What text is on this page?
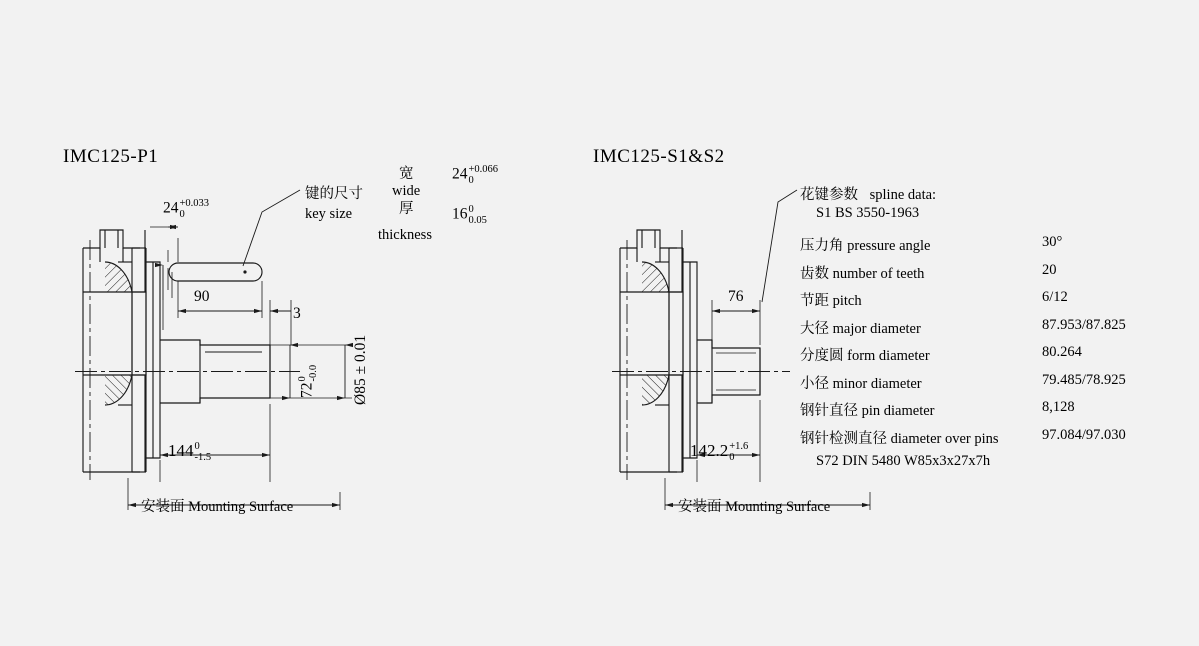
IMC125-P1
键的尺寸
key size
宽
wide
24 +0.066
0
厚
thickness
16 0
0.05
24 +0.033
0
90
3
Ø85 ± 0.01
72
0 -0.0
144 0
-1.5
安装面 Mounting Surface
IMC125-S1&S2
花键参数 spline data:
S1 BS 3550-1963
压力角 pressure angle	30°
齿数 number of teeth	20
节距 pitch	6/12
大径 major diameter	87.953/87.825
分度圆 form diameter	80.264
小径 minor diameter	79.485/78.925
钢针直径 pin diameter	8,128
钢针检测直径 diameter over pins	97.084/97.030
S72 DIN 5480 W85x3x27x7h
76
142.2 +1.6
0
安装面 Mounting Surface
